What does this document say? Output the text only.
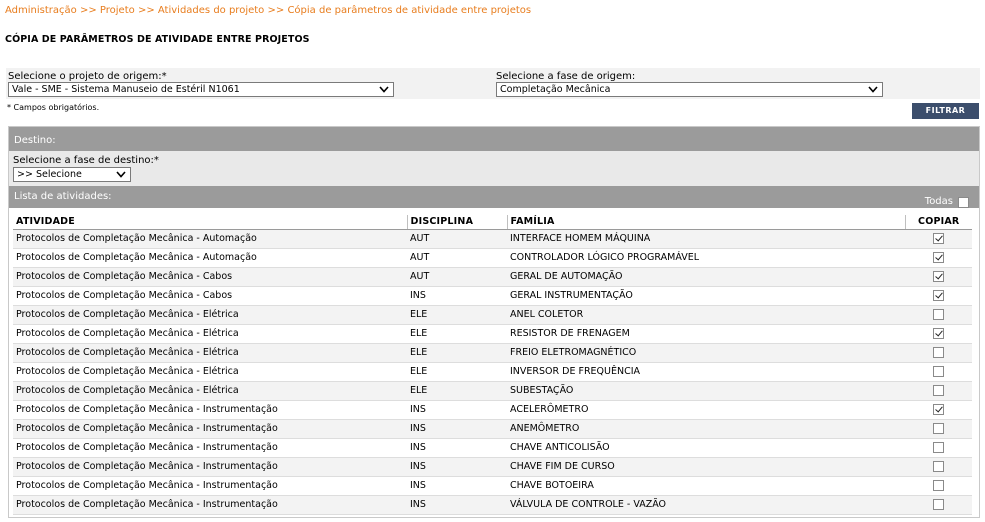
Administração >> Projeto >> Atividades do projeto >> Cópia de parâmetros de atividade entre projetos
CÓPIA DE PARÂMETROS DE ATIVIDADE ENTRE PROJETOS
Selecione o projeto de origem:*
Vale - SME - Sistema Manuseio de Estéril N1061
Selecione a fase de origem:
Completação Mecânica
* Campos obrigatórios.	FILTRAR
Destino:
Selecione a fase de destino:*
>> Selecione
Lista de atividades:	Todas
ATIVIDADE	DISCIPLINA	FAMÍLIA	COPIAR
Protocolos de Completação Mecânica - Automação	AUT	INTERFACE HOMEM MÁQUINA	
Protocolos de Completação Mecânica - Automação	AUT	CONTROLADOR LÓGICO PROGRAMÁVEL	
Protocolos de Completação Mecânica - Cabos	AUT	GERAL DE AUTOMAÇÃO	
Protocolos de Completação Mecânica - Cabos	INS	GERAL INSTRUMENTAÇÃO	
Protocolos de Completação Mecânica - Elétrica	ELE	ANEL COLETOR	
Protocolos de Completação Mecânica - Elétrica	ELE	RESISTOR DE FRENAGEM	
Protocolos de Completação Mecânica - Elétrica	ELE	FREIO ELETROMAGNÉTICO	
Protocolos de Completação Mecânica - Elétrica	ELE	INVERSOR DE FREQUÊNCIA	
Protocolos de Completação Mecânica - Elétrica	ELE	SUBESTAÇÃO	
Protocolos de Completação Mecânica - Instrumentação	INS	ACELERÔMETRO	
Protocolos de Completação Mecânica - Instrumentação	INS	ANEMÔMETRO	
Protocolos de Completação Mecânica - Instrumentação	INS	CHAVE ANTICOLISÃO	
Protocolos de Completação Mecânica - Instrumentação	INS	CHAVE FIM DE CURSO	
Protocolos de Completação Mecânica - Instrumentação	INS	CHAVE BOTOEIRA	
Protocolos de Completação Mecânica - Instrumentação	INS	VÁLVULA DE CONTROLE - VAZÃO	
